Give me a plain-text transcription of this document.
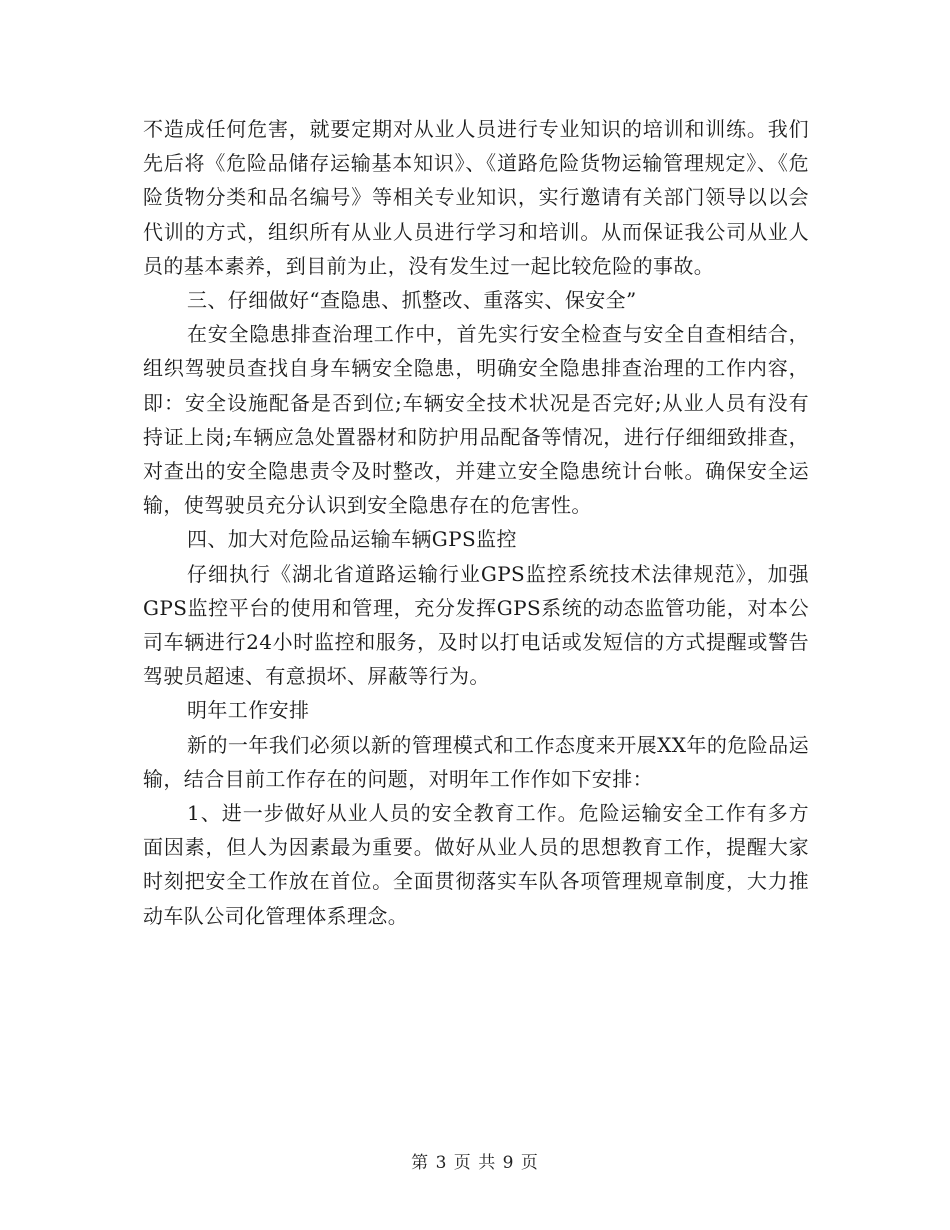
不造成任何危害，就要定期对从业人员进行专业知识的培训和训练。我们先后将《危险品储存运输基本知识》、《道路危险货物运输管理规定》、《危险货物分类和品名编号》等相关专业知识，实行邀请有关部门领导以以会代训的方式，组织所有从业人员进行学习和培训。从而保证我公司从业人员的基本素养，到目前为止，没有发生过一起比较危险的事故。

三、仔细做好“查隐患、抓整改、重落实、保安全”

在安全隐患排查治理工作中，首先实行安全检查与安全自查相结合，组织驾驶员查找自身车辆安全隐患，明确安全隐患排查治理的工作内容，即：安全设施配备是否到位;车辆安全技术状况是否完好;从业人员有没有持证上岗;车辆应急处置器材和防护用品配备等情况，进行仔细细致排查，对查出的安全隐患责令及时整改，并建立安全隐患统计台帐。确保安全运输，使驾驶员充分认识到安全隐患存在的危害性。

四、加大对危险品运输车辆GPS监控

仔细执行《湖北省道路运输行业GPS监控系统技术法律规范》，加强GPS监控平台的使用和管理，充分发挥GPS系统的动态监管功能，对本公司车辆进行24小时监控和服务，及时以打电话或发短信的方式提醒或警告驾驶员超速、有意损坏、屏蔽等行为。

明年工作安排

新的一年我们必须以新的管理模式和工作态度来开展XX年的危险品运输，结合目前工作存在的问题，对明年工作作如下安排：

1、进一步做好从业人员的安全教育工作。危险运输安全工作有多方面因素，但人为因素最为重要。做好从业人员的思想教育工作，提醒大家时刻把安全工作放在首位。全面贯彻落实车队各项管理规章制度，大力推动车队公司化管理体系理念。

第 3 页 共 9 页
